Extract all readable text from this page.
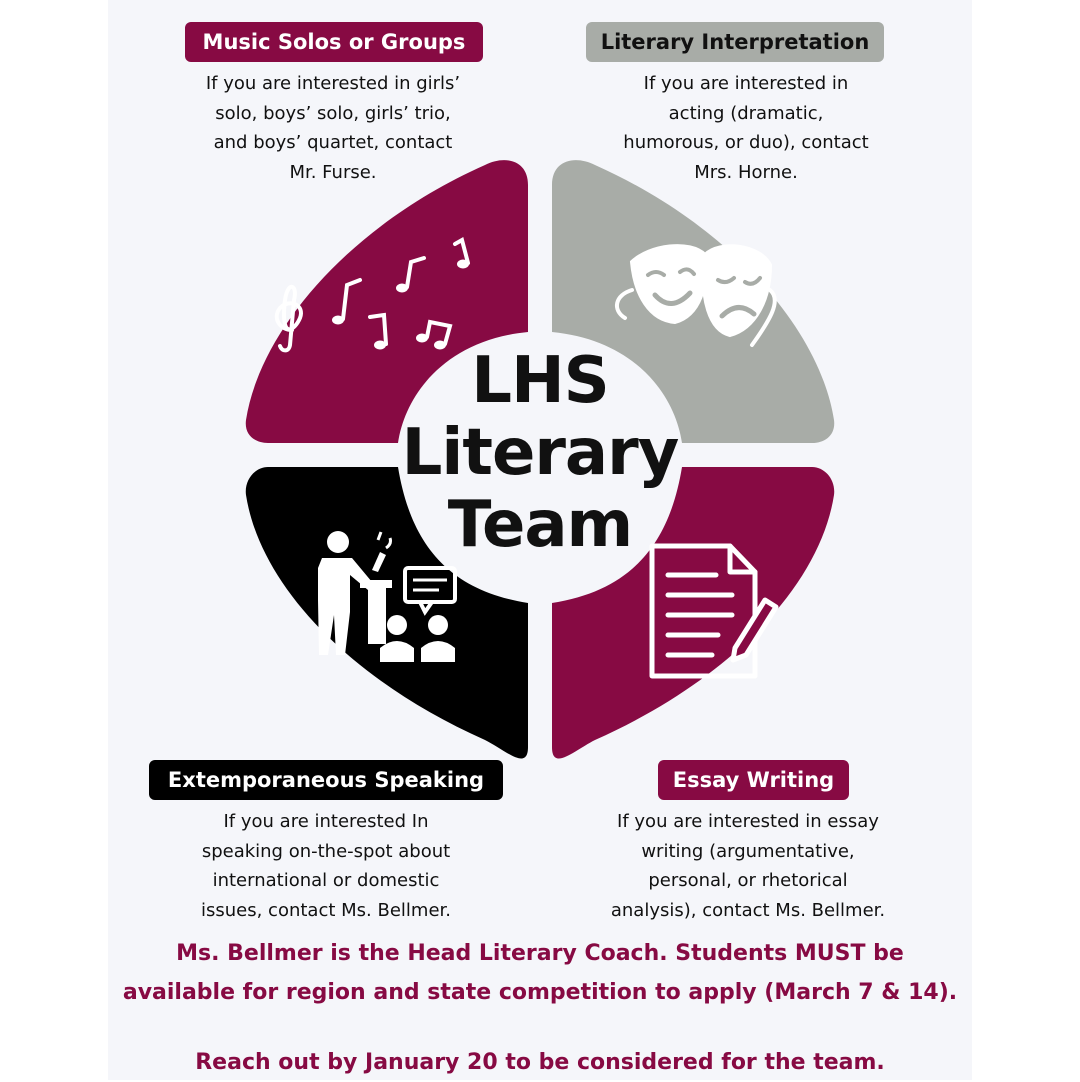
Music Solos or Groups	Literary Interpretation
Extemporaneous Speaking	Essay Writing
If you are interested in girls’
solo, boys’ solo, girls’ trio,
and boys’ quartet, contact
Mr. Furse.
If you are interested in
acting (dramatic,
humorous, or duo), contact
Mrs. Horne.
If you are interested In
speaking on-the-spot about
international or domestic
issues, contact Ms. Bellmer.
If you are interested in essay
writing (argumentative,
personal, or rhetorical
analysis), contact Ms. Bellmer.
LHS
Literary
Team
Ms. Bellmer is the Head Literary Coach. Students MUST be
available for region and state competition to apply (March 7 & 14).
Reach out by January 20 to be considered for the team.
